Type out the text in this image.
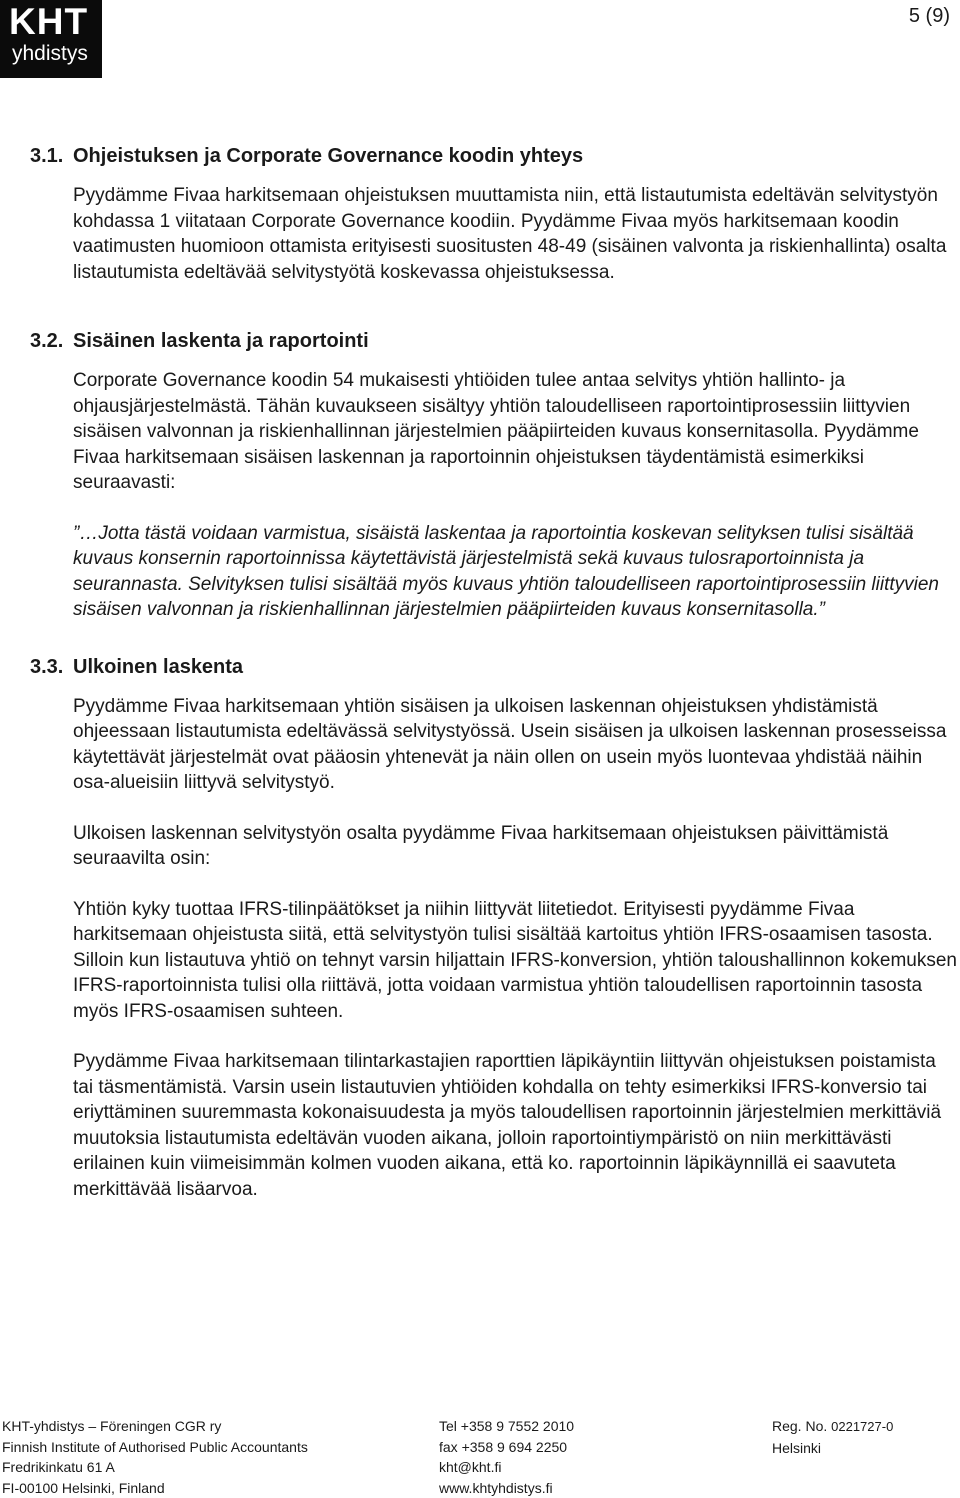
KHT
yhdistys
5 (9)
3.1. Ohjeistuksen ja Corporate Governance koodin yhteys

Pyydämme Fivaa harkitsemaan ohjeistuksen muuttamista niin, että listautumista edeltävän selvitystyön kohdassa 1 viitataan Corporate Governance koodiin. Pyydämme Fivaa myös harkitsemaan koodin vaatimusten huomioon ottamista erityisesti suositusten 48-49 (sisäinen valvonta ja riskienhallinta) osalta listautumista edeltävää selvitystyötä koskevassa ohjeistuksessa.

3.2. Sisäinen laskenta ja raportointi

Corporate Governance koodin 54 mukaisesti yhtiöiden tulee antaa selvitys yhtiön hallinto- ja ohjausjärjestelmästä. Tähän kuvaukseen sisältyy yhtiön taloudelliseen raportointiprosessiin liittyvien sisäisen valvonnan ja riskienhallinnan järjestelmien pääpiirteiden kuvaus konsernitasolla. Pyydämme Fivaa harkitsemaan sisäisen laskennan ja raportoinnin ohjeistuksen täydentämistä esimerkiksi seuraavasti:

”…Jotta tästä voidaan varmistua, sisäistä laskentaa ja raportointia koskevan selityksen tulisi sisältää kuvaus konsernin raportoinnissa käytettävistä järjestelmistä sekä kuvaus tulosraportoinnista ja seurannasta. Selvityksen tulisi sisältää myös kuvaus yhtiön taloudelliseen raportointiprosessiin liittyvien sisäisen valvonnan ja riskienhallinnan järjestelmien pääpiirteiden kuvaus konsernitasolla.”

3.3. Ulkoinen laskenta

Pyydämme Fivaa harkitsemaan yhtiön sisäisen ja ulkoisen laskennan ohjeistuksen yhdistämistä ohjeessaan listautumista edeltävässä selvitystyössä. Usein sisäisen ja ulkoisen laskennan prosesseissa käytettävät järjestelmät ovat pääosin yhtenevät ja näin ollen on usein myös luontevaa yhdistää näihin osa-alueisiin liittyvä selvitystyö.

Ulkoisen laskennan selvitystyön osalta pyydämme Fivaa harkitsemaan ohjeistuksen päivittämistä seuraavilta osin:

Yhtiön kyky tuottaa IFRS-tilinpäätökset ja niihin liittyvät liitetiedot. Erityisesti pyydämme Fivaa harkitsemaan ohjeistusta siitä, että selvitystyön tulisi sisältää kartoitus yhtiön IFRS-osaamisen tasosta. Silloin kun listautuva yhtiö on tehnyt varsin hiljattain IFRS-konversion, yhtiön taloushallinnon kokemuksen IFRS-raportoinnista tulisi olla riittävä, jotta voidaan varmistua yhtiön taloudellisen raportoinnin tasosta myös IFRS-osaamisen suhteen.

Pyydämme Fivaa harkitsemaan tilintarkastajien raporttien läpikäyntiin liittyvän ohjeistuksen poistamista tai täsmentämistä. Varsin usein listautuvien yhtiöiden kohdalla on tehty esimerkiksi IFRS-konversio tai eriyttäminen suuremmasta kokonaisuudesta ja myös taloudellisen raportoinnin järjestelmien merkittäviä muutoksia listautumista edeltävän vuoden aikana, jolloin raportointiympäristö on niin merkittävästi erilainen kuin viimeisimmän kolmen vuoden aikana, että ko. raportoinnin läpikäynnillä ei saavuteta merkittävää lisäarvoa.

KHT-yhdistys – Föreningen CGR ry
Finnish Institute of Authorised Public Accountants
Fredrikinkatu 61 A
FI-00100 Helsinki, Finland
Tel +358 9 7552 2010
fax +358 9 694 2250
kht@kht.fi
www.khtyhdistys.fi
Reg. No. 0221727-0
Helsinki
